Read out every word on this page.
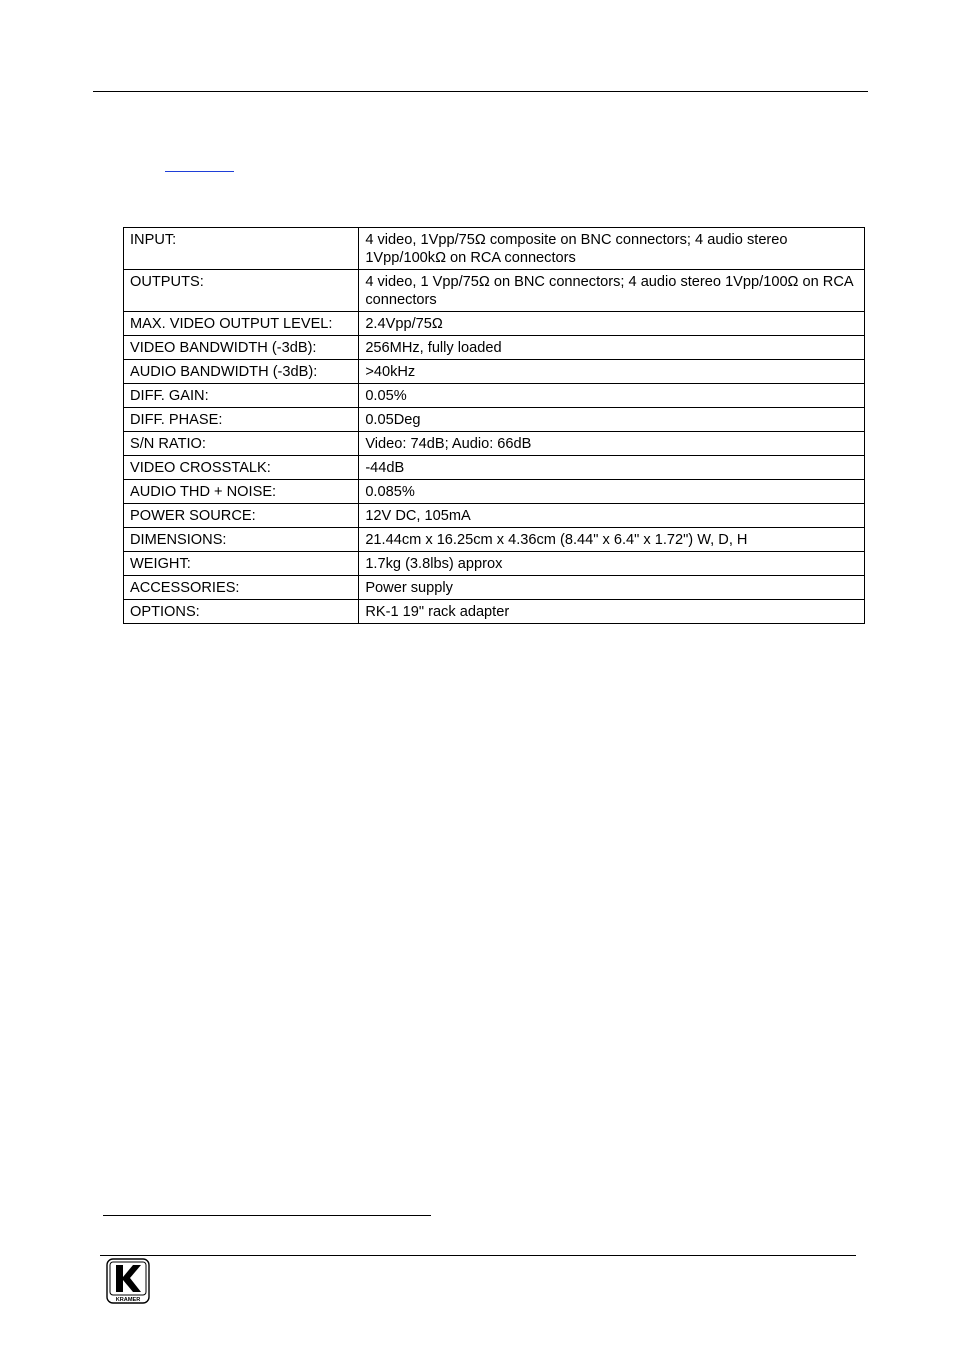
INPUT:	4 video, 1Vpp/75Ω composite on BNC connectors; 4 audio stereo 1Vpp/100kΩ on RCA connectors
OUTPUTS:	4 video, 1 Vpp/75Ω on BNC connectors; 4 audio stereo 1Vpp/100Ω on RCA connectors
MAX. VIDEO OUTPUT LEVEL:	2.4Vpp/75Ω
VIDEO BANDWIDTH (-3dB):	256MHz, fully loaded
AUDIO BANDWIDTH (-3dB):	>40kHz
DIFF. GAIN:	0.05%
DIFF. PHASE:	0.05Deg
S/N RATIO:	Video: 74dB; Audio: 66dB
VIDEO CROSSTALK:	-44dB
AUDIO THD + NOISE:	0.085%
POWER SOURCE:	12V DC, 105mA
DIMENSIONS:	21.44cm x 16.25cm x 4.36cm (8.44" x 6.4" x 1.72") W, D, H
WEIGHT:	1.7kg (3.8lbs) approx
ACCESSORIES:	Power supply
OPTIONS:	RK-1 19" rack adapter
KRAMER
